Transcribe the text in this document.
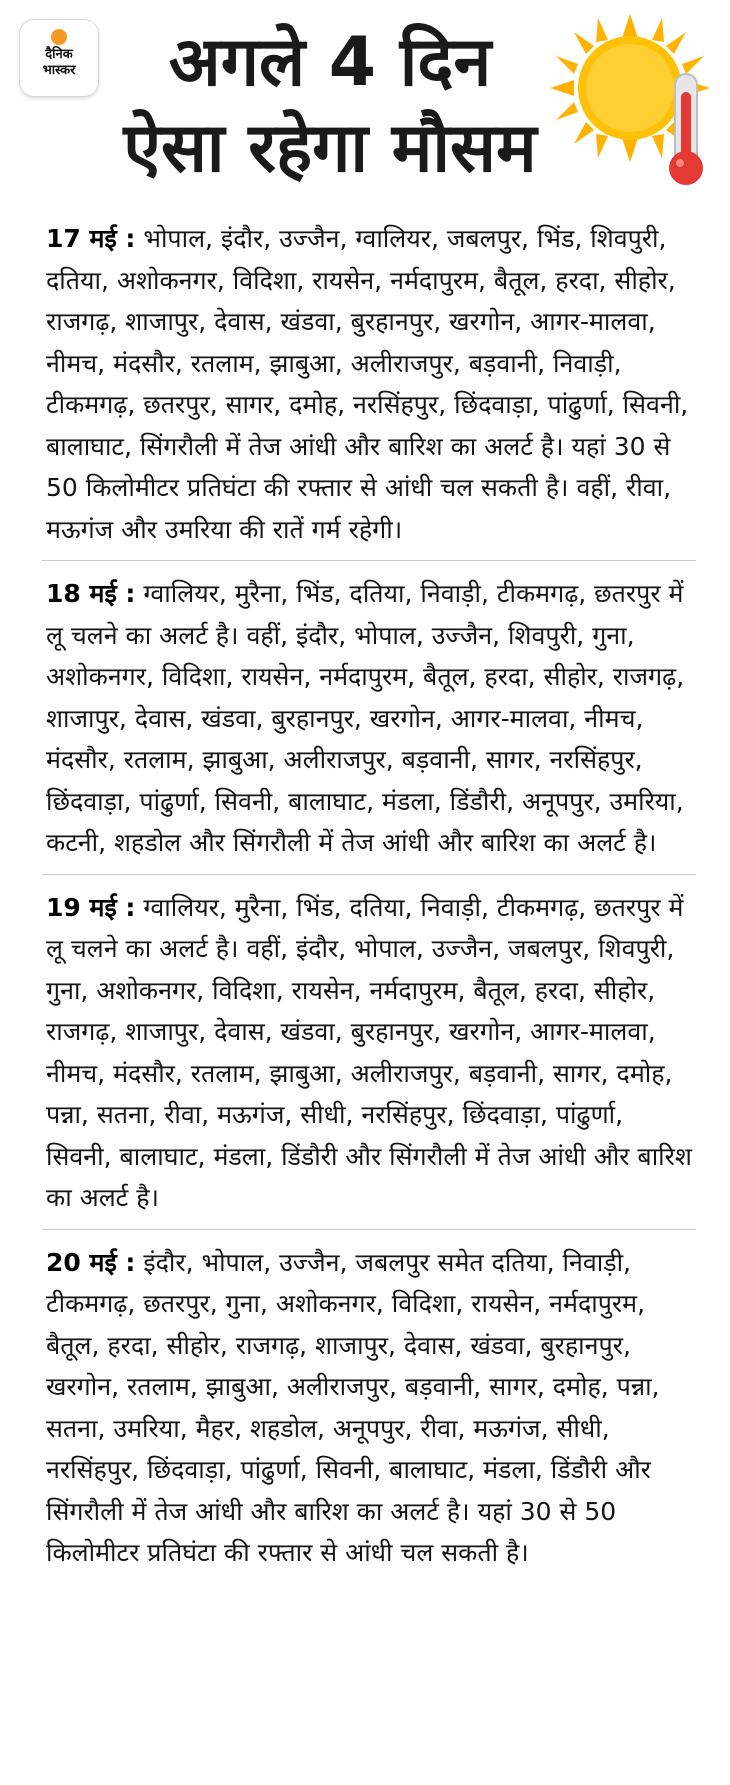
दैनिक
भास्कर	अगले 4 दिन
ऐसा रहेगा मौसम

17 मई : भोपाल, इंदौर, उज्जैन, ग्वालियर, जबलपुर, भिंड, शिवपुरी, दतिया, अशोकनगर, विदिशा, रायसेन, नर्मदापुरम, बैतूल, हरदा, सीहोर, राजगढ़, शाजापुर, देवास, खंडवा, बुरहानपुर, खरगोन, आगर-मालवा, नीमच, मंदसौर, रतलाम, झाबुआ, अलीराजपुर, बड़वानी, निवाड़ी, टीकमगढ़, छतरपुर, सागर, दमोह, नरसिंहपुर, छिंदवाड़ा, पांढुर्णा, सिवनी, बालाघाट, सिंगरौली में तेज आंधी और बारिश का अलर्ट है। यहां 30 से 50 किलोमीटर प्रतिघंटा की रफ्तार से आंधी चल सकती है। वहीं, रीवा, मऊगंज और उमरिया की रातें गर्म रहेगी।

18 मई : ग्वालियर, मुरैना, भिंड, दतिया, निवाड़ी, टीकमगढ़, छतरपुर में लू चलने का अलर्ट है। वहीं, इंदौर, भोपाल, उज्जैन, शिवपुरी, गुना, अशोकनगर, विदिशा, रायसेन, नर्मदापुरम, बैतूल, हरदा, सीहोर, राजगढ़, शाजापुर, देवास, खंडवा, बुरहानपुर, खरगोन, आगर-मालवा, नीमच, मंदसौर, रतलाम, झाबुआ, अलीराजपुर, बड़वानी, सागर, नरसिंहपुर, छिंदवाड़ा, पांढुर्णा, सिवनी, बालाघाट, मंडला, डिंडौरी, अनूपपुर, उमरिया, कटनी, शहडोल और सिंगरौली में तेज आंधी और बारिश का अलर्ट है।

19 मई : ग्वालियर, मुरैना, भिंड, दतिया, निवाड़ी, टीकमगढ़, छतरपुर में लू चलने का अलर्ट है। वहीं, इंदौर, भोपाल, उज्जैन, जबलपुर, शिवपुरी, गुना, अशोकनगर, विदिशा, रायसेन, नर्मदापुरम, बैतूल, हरदा, सीहोर, राजगढ़, शाजापुर, देवास, खंडवा, बुरहानपुर, खरगोन, आगर-मालवा, नीमच, मंदसौर, रतलाम, झाबुआ, अलीराजपुर, बड़वानी, सागर, दमोह, पन्ना, सतना, रीवा, मऊगंज, सीधी, नरसिंहपुर, छिंदवाड़ा, पांढुर्णा, सिवनी, बालाघाट, मंडला, डिंडौरी और सिंगरौली में तेज आंधी और बारिश का अलर्ट है।

20 मई : इंदौर, भोपाल, उज्जैन, जबलपुर समेत दतिया, निवाड़ी, टीकमगढ़, छतरपुर, गुना, अशोकनगर, विदिशा, रायसेन, नर्मदापुरम, बैतूल, हरदा, सीहोर, राजगढ़, शाजापुर, देवास, खंडवा, बुरहानपुर, खरगोन, रतलाम, झाबुआ, अलीराजपुर, बड़वानी, सागर, दमोह, पन्ना, सतना, उमरिया, मैहर, शहडोल, अनूपपुर, रीवा, मऊगंज, सीधी, नरसिंहपुर, छिंदवाड़ा, पांढुर्णा, सिवनी, बालाघाट, मंडला, डिंडौरी और सिंगरौली में तेज आंधी और बारिश का अलर्ट है। यहां 30 से 50 किलोमीटर प्रतिघंटा की रफ्तार से आंधी चल सकती है।
